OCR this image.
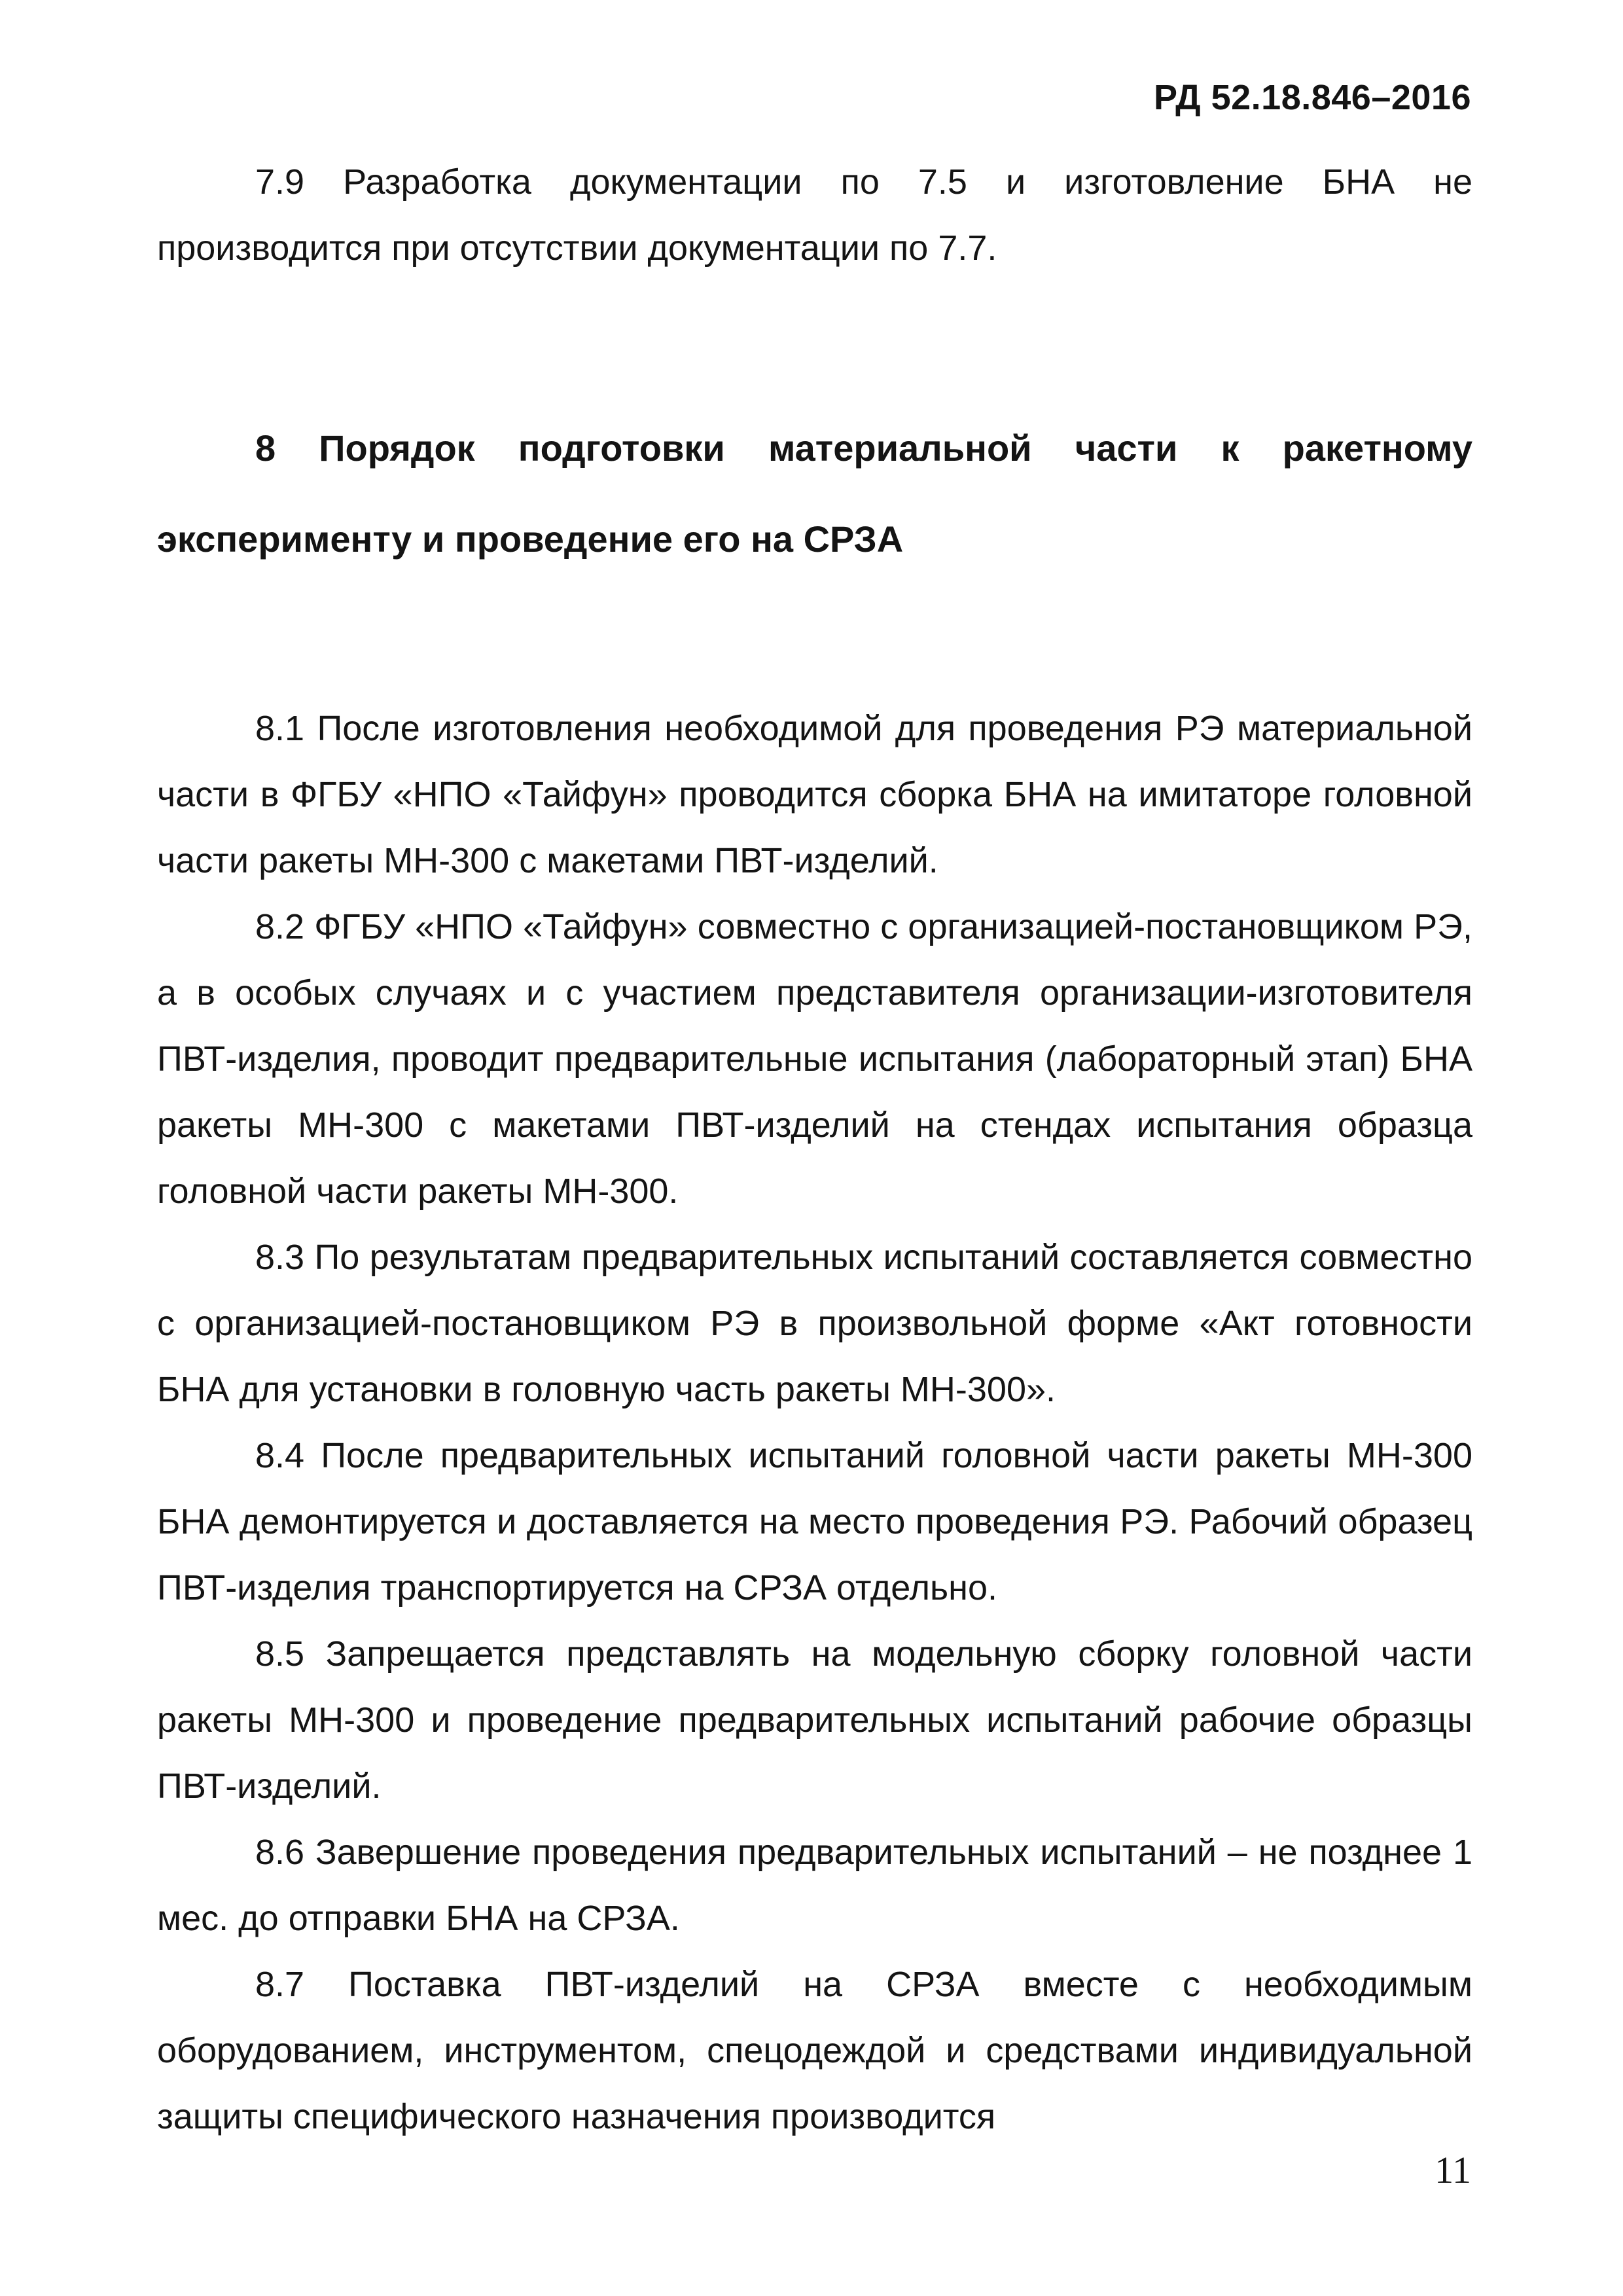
РД 52.18.846–2016

7.9 Разработка документации по 7.5 и изготовление БНА не производится при отсутствии документации по 7.7.

8 Порядок подготовки материальной части к ракетному эксперименту и проведение его на СРЗА

8.1 После изготовления необходимой для проведения РЭ материальной части в ФГБУ «НПО «Тайфун» проводится сборка БНА на имитаторе головной части ракеты МН-300 с макетами ПВТ-изделий.

8.2 ФГБУ «НПО «Тайфун» совместно с организацией-постановщиком РЭ, а в особых случаях и с участием представителя организации-изготовителя ПВТ-изделия, проводит предварительные испытания (лабораторный этап) БНА ракеты МН-300 с макетами ПВТ-изделий на стендах испытания образца головной части ракеты МН-300.

8.3 По результатам предварительных испытаний составляется совместно с организацией-постановщиком РЭ в произвольной форме «Акт готовности БНА для установки в головную часть ракеты МН-300».

8.4 После предварительных испытаний головной части ракеты МН-300 БНА демонтируется и доставляется на место проведения РЭ. Рабочий образец ПВТ-изделия транспортируется на СРЗА отдельно.

8.5 Запрещается представлять на модельную сборку головной части ракеты МН-300 и проведение предварительных испытаний рабочие образцы ПВТ-изделий.

8.6 Завершение проведения предварительных испытаний – не позднее 1 мес. до отправки БНА на СРЗА.

8.7 Поставка ПВТ-изделий на СРЗА вместе с необходимым оборудованием, инструментом, спецодеждой и средствами индивидуальной защиты специфического назначения производится

11
